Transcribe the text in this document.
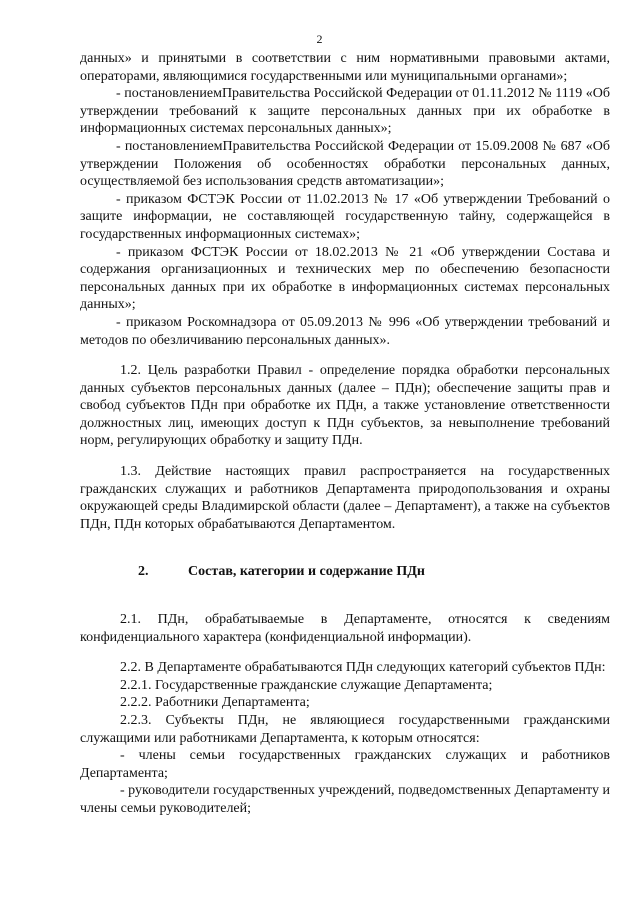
2

данных» и принятыми в соответствии с ним нормативными правовыми актами, операторами, являющимися государственными или муниципальными органами»;

- постановлениемПравительства Российской Федерации от 01.11.2012 № 1119 «Об утверждении требований к защите персональных данных при их обработке в информационных системах персональных данных»;

- постановлениемПравительства Российской Федерации от 15.09.2008 № 687 «Об утверждении Положения об особенностях обработки персональных данных, осуществляемой без использования средств автоматизации»;

- приказом ФСТЭК России от 11.02.2013 № 17 «Об утверждении Требований о защите информации, не составляющей государственную тайну, содержащейся в государственных информационных системах»;

- приказом ФСТЭК России от 18.02.2013 № 21 «Об утверждении Состава и содержания организационных и технических мер по обеспечению безопасности персональных данных при их обработке в информационных системах персональных данных»;

- приказом Роскомнадзора от 05.09.2013 № 996 «Об утверждении требований и методов по обезличиванию персональных данных».

1.2. Цель разработки Правил - определение порядка обработки персональных данных субъектов персональных данных (далее – ПДн); обеспечение защиты прав и свобод субъектов ПДн при обработке их ПДн, а также установление ответственности должностных лиц, имеющих доступ к ПДн субъектов, за невыполнение требований норм, регулирующих обработку и защиту ПДн.

1.3. Действие настоящих правил распространяется на государственных гражданских служащих и работников Департамента природопользования и охраны окружающей среды Владимирской области (далее – Департамент), а также на субъектов ПДн, ПДн которых обрабатываются Департаментом.

2.	Состав, категории и содержание ПДн

2.1. ПДн, обрабатываемые в Департаменте, относятся к сведениям конфиденциального характера (конфиденциальной информации).

2.2. В Департаменте обрабатываются ПДн следующих категорий субъектов ПДн:

2.2.1. Государственные гражданские служащие Департамента;

2.2.2. Работники Департамента;

2.2.3. Субъекты ПДн, не являющиеся государственными гражданскими служащими или работниками Департамента, к которым относятся:

- члены семьи государственных гражданских служащих и работников Департамента;

- руководители государственных учреждений, подведомственных Департаменту и члены семьи руководителей;
